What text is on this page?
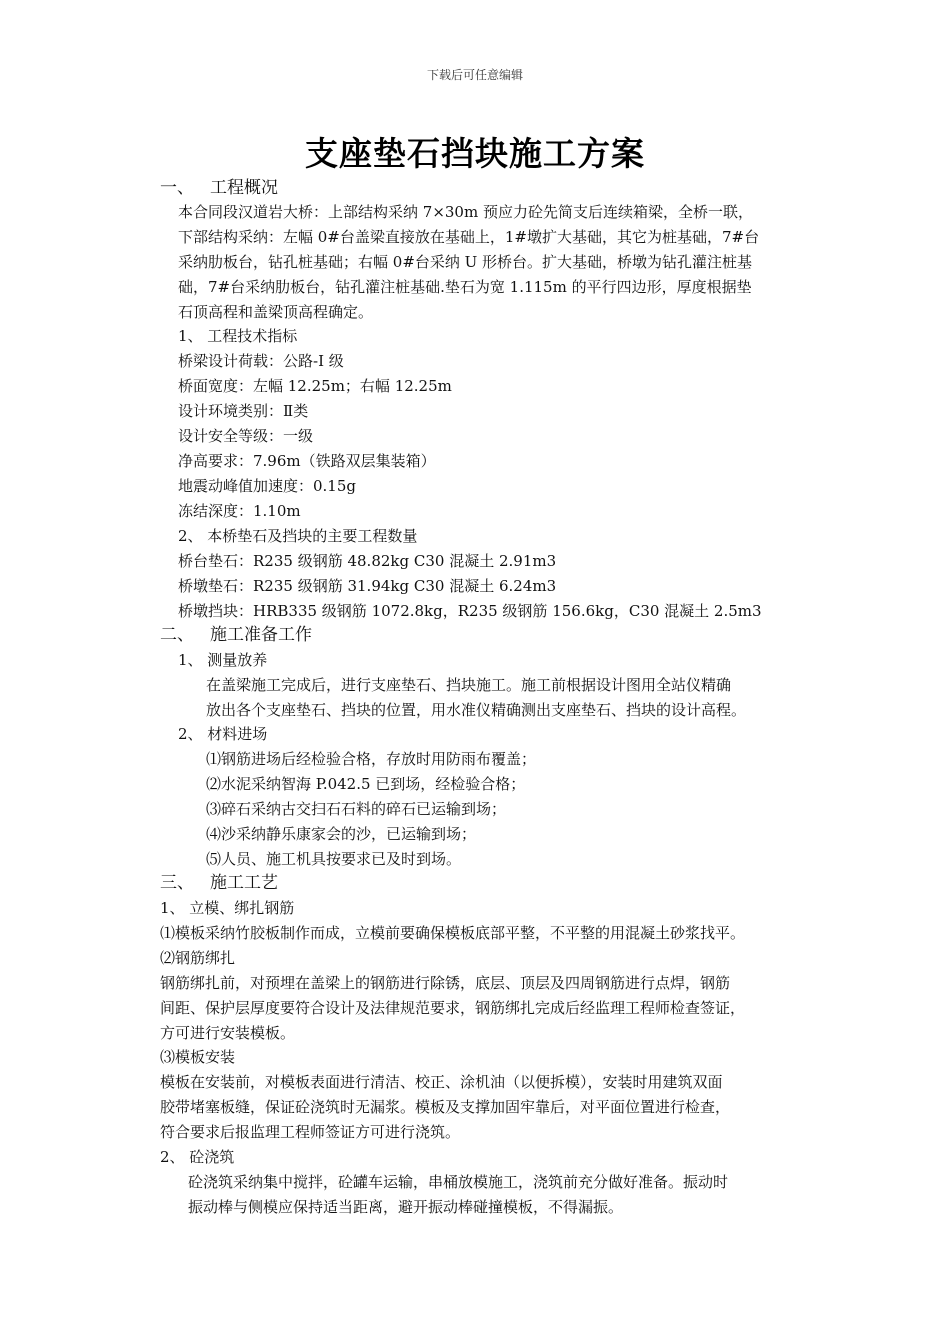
下载后可任意编辑
支座垫石挡块施工方案
一、 工程概况
本合同段汉道岩大桥：上部结构采纳 7×30m 预应力砼先简支后连续箱梁，全桥一联，
下部结构采纳：左幅 0#台盖梁直接放在基础上，1#墩扩大基础，其它为桩基础，7#台
采纳肋板台，钻孔桩基础；右幅 0#台采纳 U 形桥台。扩大基础，桥墩为钻孔灌注桩基
础，7#台采纳肋板台，钻孔灌注桩基础.垫石为宽 1.115m 的平行四边形，厚度根据垫
石顶高程和盖梁顶高程确定。
1、 工程技术指标
桥梁设计荷载：公路-Ⅰ 级
桥面宽度：左幅 12.25m；右幅 12.25m
设计环境类别：Ⅱ类
设计安全等级：一级
净高要求：7.96m（铁路双层集装箱）
地震动峰值加速度：0.15g
冻结深度：1.10m
2、 本桥垫石及挡块的主要工程数量
桥台垫石：R235 级钢筋 48.82kg C30 混凝土 2.91m3
桥墩垫石：R235 级钢筋 31.94kg C30 混凝土 6.24m3
桥墩挡块：HRB335 级钢筋 1072.8kg，R235 级钢筋 156.6kg，C30 混凝土 2.5m3
二、 施工准备工作
1、 测量放养
在盖梁施工完成后，进行支座垫石、挡块施工。施工前根据设计图用全站仪精确
放出各个支座垫石、挡块的位置，用水准仪精确测出支座垫石、挡块的设计高程。
2、 材料进场
⑴钢筋进场后经检验合格，存放时用防雨布覆盖；
⑵水泥采纳智海 P.042.5 已到场，经检验合格；
⑶碎石采纳古交扫石石料的碎石已运输到场；
⑷沙采纳静乐康家会的沙，已运输到场；
⑸人员、施工机具按要求已及时到场。
三、 施工工艺
1、 立模、绑扎钢筋
⑴模板采纳竹胶板制作而成，立模前要确保模板底部平整，不平整的用混凝土砂浆找平。
⑵钢筋绑扎
钢筋绑扎前，对预埋在盖梁上的钢筋进行除锈，底层、顶层及四周钢筋进行点焊，钢筋
间距、保护层厚度要符合设计及法律规范要求，钢筋绑扎完成后经监理工程师检查签证，
方可进行安装模板。
⑶模板安装
模板在安装前，对模板表面进行清洁、校正、涂机油（以便拆模），安装时用建筑双面
胶带堵塞板缝，保证砼浇筑时无漏浆。模板及支撑加固牢靠后，对平面位置进行检查，
符合要求后报监理工程师签证方可进行浇筑。
2、 砼浇筑
砼浇筑采纳集中搅拌，砼罐车运输，串桶放模施工，浇筑前充分做好准备。振动时
振动棒与侧模应保持适当距离，避开振动棒碰撞模板，不得漏振。
